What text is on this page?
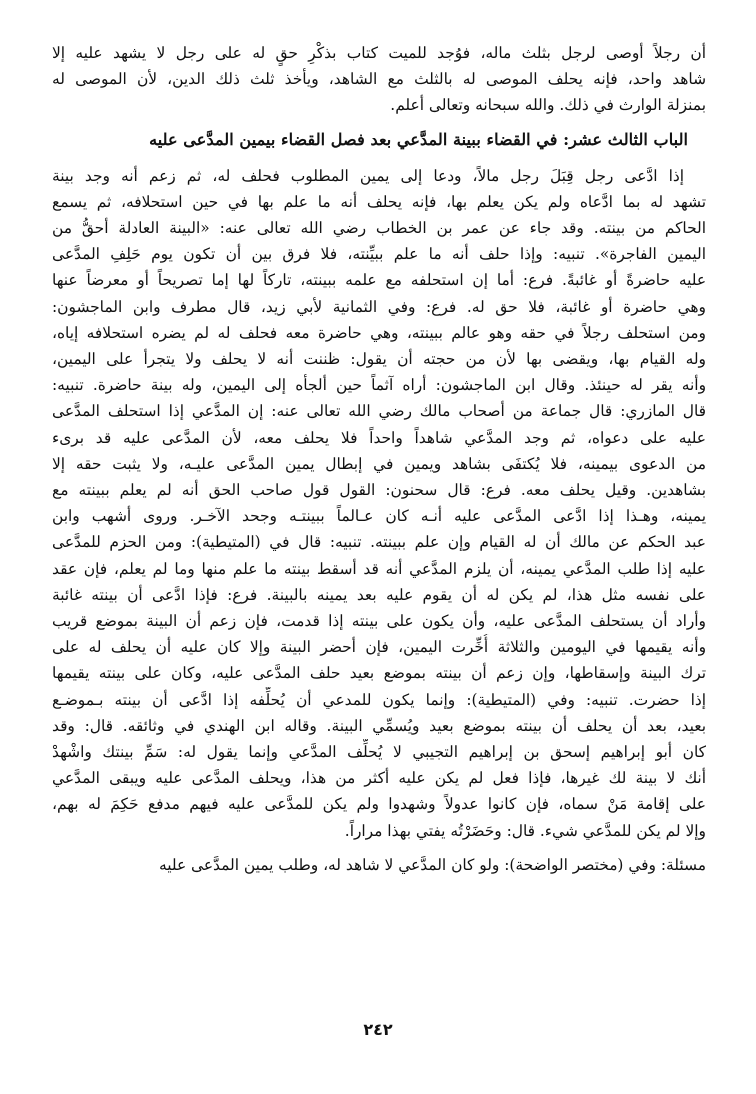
أن رجلاً أوصى لرجل بثلث ماله، فوُجد للميت كتاب بذكْرِ حقٍ له على رجل لا يشهد عليه إلا
شاهد واحد، فإنه يحلف الموصى له بالثلث مع الشاهد، ويأخذ ثلث ذلك الدين، لأن الموصى له
بمنزلة الوارث في ذلك. والله سبحانه وتعالى أعلم.
الباب الثالث عشر: في القضاء ببينة المدَّعي بعد فصل القضاء بيمين المدَّعى عليه
إذا ادَّعى رجل قِبَلَ رجل مالاً، ودعا إلى يمين المطلوب فحلف له، ثم زعم أنه وجد بينة
تشهد له بما ادَّعاه ولم يكن يعلم بها، فإنه يحلف أنه ما علم بها في حين استحلافه، ثم يسمع
الحاكم من بينته. وقد جاء عن عمر بن الخطاب رضي الله تعالى عنه: «البينة العادلة أحقُّ من
اليمين الفاجرة». تنبيه: وإذا حلف أنه ما علم ببيِّنته، فلا فرق بين أن تكون يوم حَلِفِ المدَّعى
عليه حاضرةً أو غائبةً. فرع: أما إن استحلفه مع علمه ببينته، تاركاً لها إما تصريحاً أو معرضاً عنها
وهي حاضرة أو غائبة، فلا حق له. فرع: وفي الثمانية لأبي زيد، قال مطرف وابن الماجشون:
ومن استحلف رجلاً في حقه وهو عالم ببينته، وهي حاضرة معه فحلف له لم يضره استحلافه إياه،
وله القيام بها، ويقضى بها لأن من حجته أن يقول: ظننت أنه لا يحلف ولا يتجرأ على اليمين،
وأنه يقر له حينئذ. وقال ابن الماجشون: أراه آثماً حين ألجأه إلى اليمين، وله بينة حاضرة. تنبيه:
قال المازري: قال جماعة من أصحاب مالك رضي الله تعالى عنه: إن المدَّعي إذا استحلف المدَّعى
عليه على دعواه، ثم وجد المدَّعي شاهداً واحداً فلا يحلف معه، لأن المدَّعى عليه قد برىء
من الدعوى بيمينه، فلا يُكتفَى بشاهد ويمين في إبطال يمين المدَّعى عليـه، ولا يثبت حقه إلا
بشاهدين. وقيل يحلف معه. فرع: قال سحنون: القول قول صاحب الحق أنه لم يعلم ببينته مع
يمينه، وهـذا إذا ادَّعى المدَّعى عليه أنـه كان عـالماً ببينتـه وجحد الآخـر. وروى أشهب وابن
عبد الحكم عن مالك أن له القيام وإن علم ببينته. تنبيه: قال في (المتيطية): ومن الحزم للمدَّعى
عليه إذا طلب المدَّعي يمينه، أن يلزم المدَّعي أنه قد أسقط بينته ما علم منها وما لم يعلم، فإن عقد
على نفسه مثل هذا، لم يكن له أن يقوم عليه بعد يمينه بالبينة. فرع: فإذا ادَّعى أن بينته غائبة
وأراد أن يستحلف المدَّعى عليه، وأن يكون على بينته إذا قدمت، فإن زعم أن البينة بموضع قريب
وأنه يقيمها في اليومين والثلاثة أُخِّرت اليمين، فإن أحضر البينة وإلا كان عليه أن يحلف له على
ترك البينة وإسقاطها، وإن زعم أن بينته بموضع بعيد حلف المدَّعى عليه، وكان على بينته يقيمها
إذا حضرت. تنبيه: وفي (المتيطية): وإنما يكون للمدعي أن يُحلِّفه إذا ادَّعى أن بينته بـموضـع
بعيد، بعد أن يحلف أن بينته بموضع بعيد ويُسمِّي البينة. وقاله ابن الهندي في وثائقه. قال: وقد
كان أبو إبراهيم إسحق بن إبراهيم التجيبي لا يُحلِّف المدَّعي وإنما يقول له: سَمِّ بينتك واشْهدْ
أنك لا بينة لك غيرها، فإذا فعل لم يكن عليه أكثر من هذا، ويحلف المدَّعى عليه ويبقى المدَّعي
على إقامة مَنْ سماه، فإن كانوا عدولاً وشهدوا ولم يكن للمدَّعى عليه فيهم مدفع حَكِمَ له بهم،
وإلا لم يكن للمدَّعي شيء. قال: وحَضَرْتُه يفتي بهذا مراراً.
مسئلة: وفي (مختصر الواضحة): ولو كان المدَّعي لا شاهد له، وطلب يمين المدَّعى عليه
٢٤٢
